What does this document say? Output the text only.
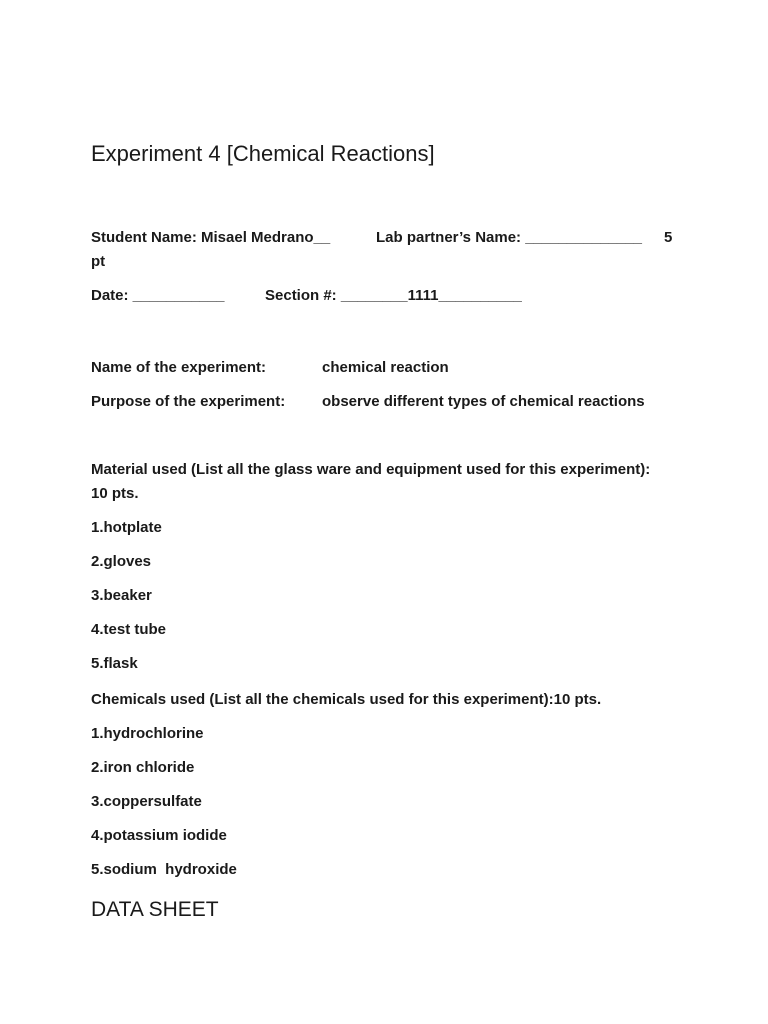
Experiment 4 [Chemical Reactions]
Student Name: Misael Medrano__	Lab partner’s Name: ______________ 5
pt
Date: ___________	Section #: ________1111__________
Name of the experiment:	chemical reaction
Purpose of the experiment: observe different types of chemical reactions
Material used (List all the glass ware and equipment used for this experiment):
10 pts.
1.hotplate
2.gloves
3.beaker
4.test tube
5.flask
Chemicals used (List all the chemicals used for this experiment):10 pts.
1.hydrochlorine
2.iron chloride
3.coppersulfate
4.potassium iodide
5.sodium  hydroxide
DATA SHEET
